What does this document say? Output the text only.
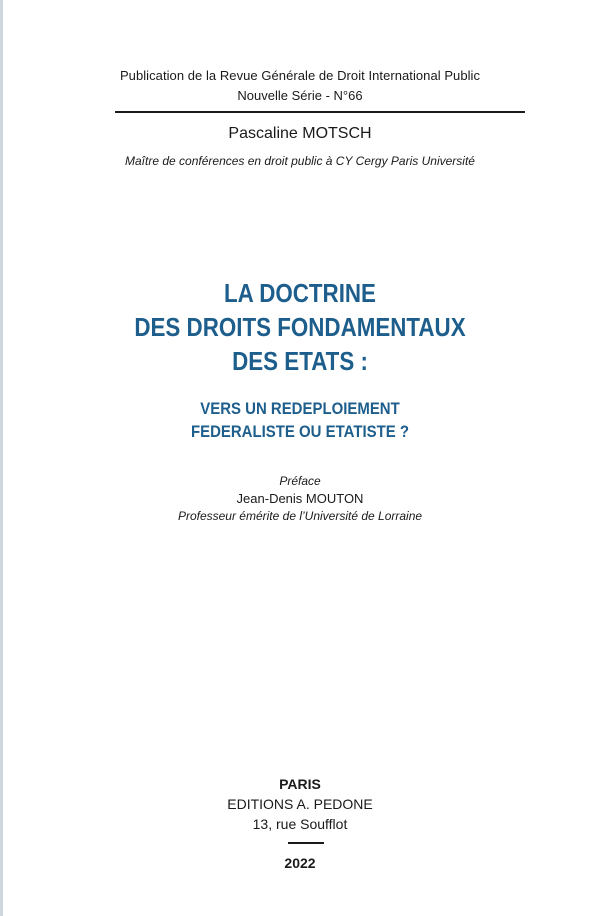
Publication de la Revue Générale de Droit International Public
Nouvelle Série - N°66
Pascaline MOTSCH
Maître de conférences en droit public à CY Cergy Paris Université
LA DOCTRINE
DES DROITS FONDAMENTAUX
DES ETATS :
VERS UN REDEPLOIEMENT
FEDERALISTE OU ETATISTE ?
Préface
Jean-Denis MOUTON
Professeur émérite de l’Université de Lorraine
PARIS
EDITIONS A. PEDONE
13, rue Soufflot
2022
